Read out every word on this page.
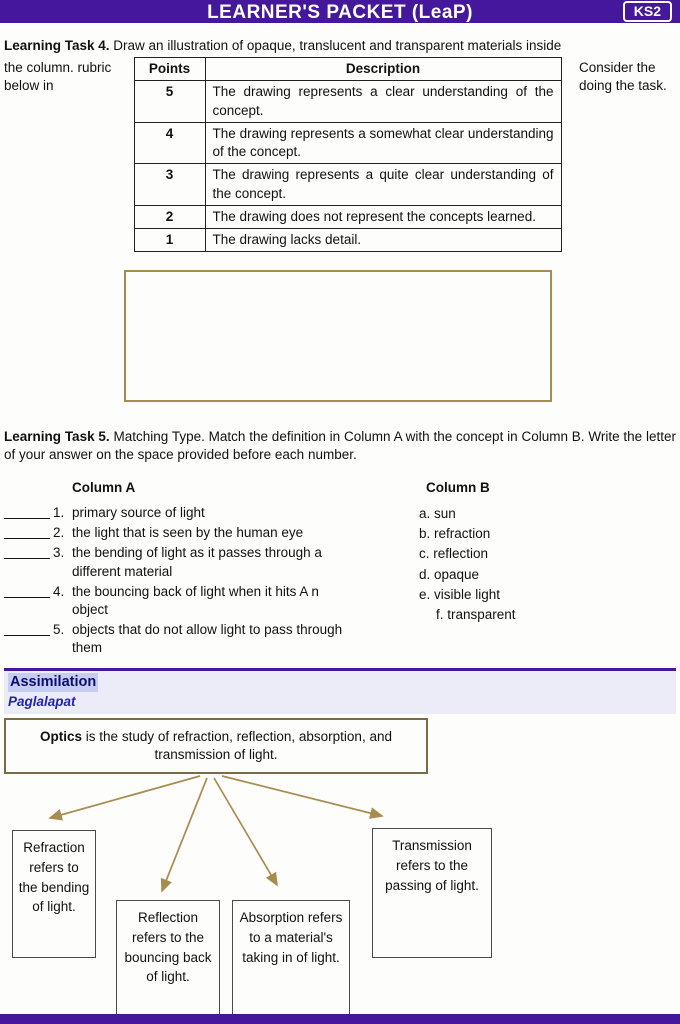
LEARNER'S PACKET (LeaP)	KS2

Learning Task 4. Draw an illustration of opaque, translucent and transparent materials inside

the column. rubric below in
Points	Description
5	The drawing represents a clear understanding of the concept.
4	The drawing represents a somewhat clear understanding of the concept.
3	The drawing represents a quite clear understanding of the concept.
2	The drawing does not represent the concepts learned.
1	The drawing lacks detail.
Consider the doing the task.

Learning Task 5. Matching Type. Match the definition in Column A with the concept in Column B. Write the letter of your answer on the space provided before each number.

Column A
1. primary source of light
2. the light that is seen by the human eye
3. the bending of light as it passes through a different material
4. the bouncing back of light when it hits A n object
5. objects that do not allow light to pass through them
Column B
a. sun
b. refraction
c. reflection
d. opaque
e. visible light
f. transparent
Assimilation
Paglalapat
Optics is the study of refraction, reflection, absorption, and transmission of light.
Refraction refers to the bending of light.
Reflection refers to the bouncing back of light.
Absorption refers to a material's taking in of light.
Transmission refers to the passing of light.
